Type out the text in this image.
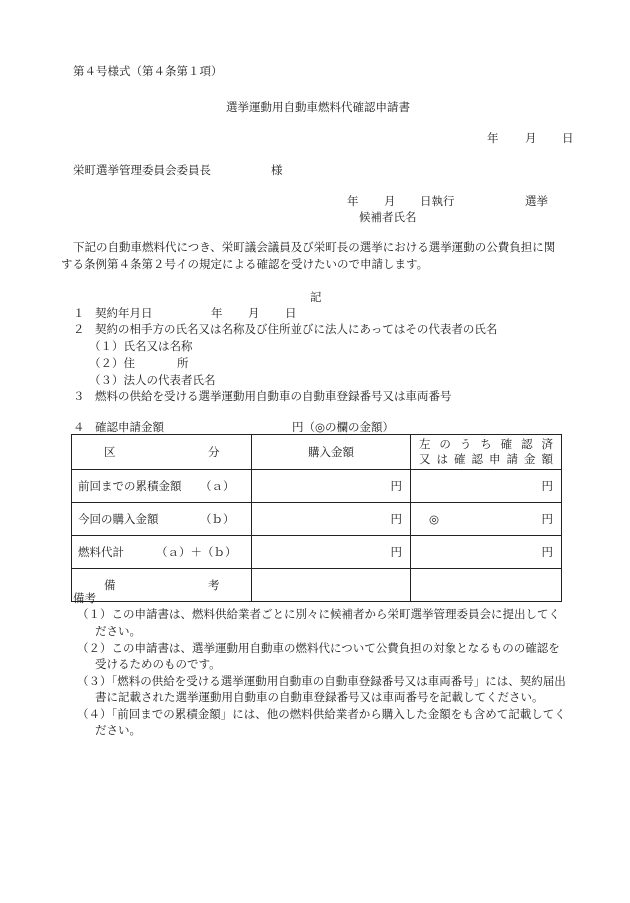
第４号様式（第４条第１項）
選挙運動用自動車燃料代確認申請書
年 月 日
栄町選挙管理委員会委員長	様
年 月 日執行	選挙
候補者氏名
下記の自動車燃料代につき、栄町議会議員及び栄町長の選挙における選挙運動の公費負担に関
する条例第４条第２号イの規定による確認を受けたいので申請します。
記
１ 契約年月日	年 月 日
２ 契約の相手方の氏名又は名称及び住所並びに法人にあってはその代表者の氏名
（１）氏名又は名称
（２）住	所
（３）法人の代表者氏名
３ 燃料の供給を受ける選挙運動用自動車の自動車登録番号又は車両番号
４ 確認申請金額	円（◎の欄の金額）
区 分	購入金額	左のうち確認済
又は確認申請金額

前回までの累積金額 （ａ）	円	円

今回の購入金額 （ｂ）	円	◎ 円

燃料代計 （ａ）＋（ｂ）	円	円

備 考		

備考
（１）この申請書は、燃料供給業者ごとに別々に候補者から栄町選挙管理委員会に提出してく
ださい。
（２）この申請書は、選挙運動用自動車の燃料代について公費負担の対象となるものの確認を
受けるためのものです。
（３）「燃料の供給を受ける選挙運動用自動車の自動車登録番号又は車両番号」には、契約届出
書に記載された選挙運動用自動車の自動車登録番号又は車両番号を記載してください。
（４）「前回までの累積金額」には、他の燃料供給業者から購入した金額をも含めて記載してく
ださい。
